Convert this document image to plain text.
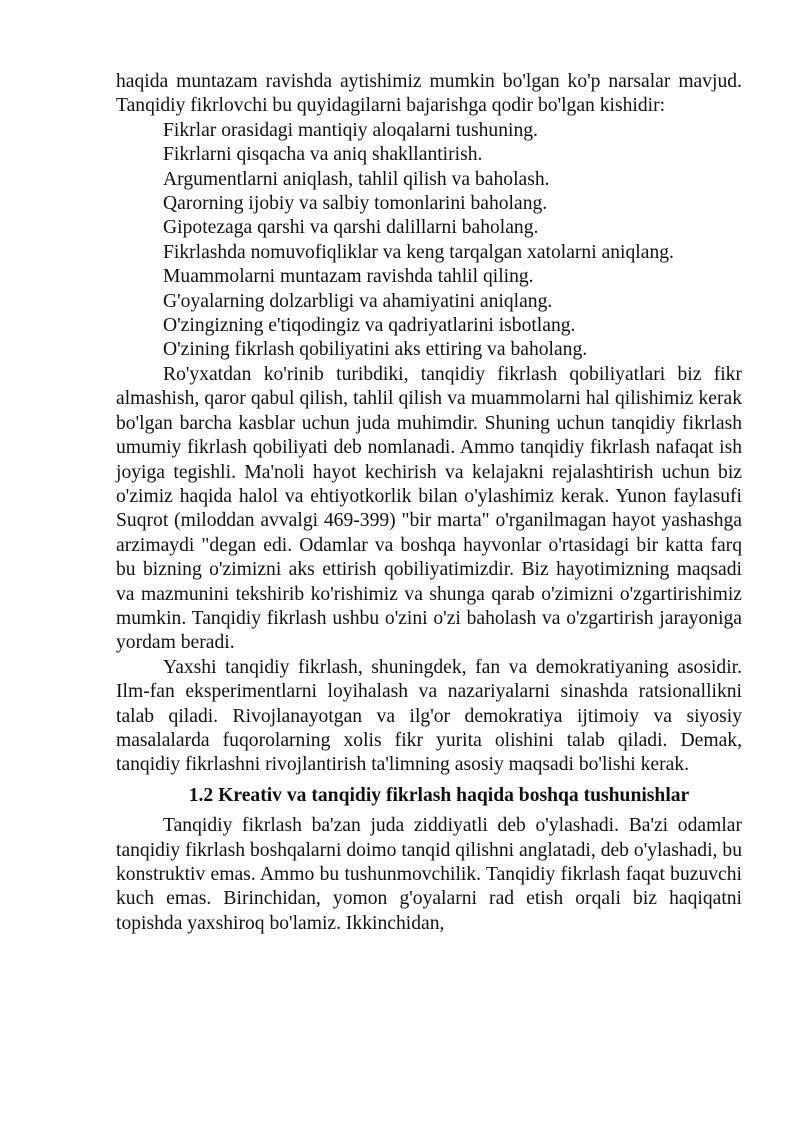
haqida muntazam ravishda aytishimiz mumkin bo'lgan ko'p narsalar mavjud. Tanqidiy fikrlovchi bu quyidagilarni bajarishga qodir bo'lgan kishidir:

Fikrlar orasidagi mantiqiy aloqalarni tushuning.
Fikrlarni qisqacha va aniq shakllantirish.
Argumentlarni aniqlash, tahlil qilish va baholash.
Qarorning ijobiy va salbiy tomonlarini baholang.
Gipotezaga qarshi va qarshi dalillarni baholang.
Fikrlashda nomuvofiqliklar va keng tarqalgan xatolarni aniqlang.
Muammolarni muntazam ravishda tahlil qiling.
G'oyalarning dolzarbligi va ahamiyatini aniqlang.
O'zingizning e'tiqodingiz va qadriyatlarini isbotlang.
O'zining fikrlash qobiliyatini aks ettiring va baholang.

Ro'yxatdan ko'rinib turibdiki, tanqidiy fikrlash qobiliyatlari biz fikr almashish, qaror qabul qilish, tahlil qilish va muammolarni hal qilishimiz kerak bo'lgan barcha kasblar uchun juda muhimdir. Shuning uchun tanqidiy fikrlash umumiy fikrlash qobiliyati deb nomlanadi. Ammo tanqidiy fikrlash nafaqat ish joyiga tegishli. Ma'noli hayot kechirish va kelajakni rejalashtirish uchun biz o'zimiz haqida halol va ehtiyotkorlik bilan o'ylashimiz kerak. Yunon faylasufi Suqrot (miloddan avvalgi 469-399) "bir marta" o'rganilmagan hayot yashashga arzimaydi "degan edi. Odamlar va boshqa hayvonlar o'rtasidagi bir katta farq bu bizning o'zimizni aks ettirish qobiliyatimizdir. Biz hayotimizning maqsadi va mazmunini tekshirib ko'rishimiz va shunga qarab o'zimizni o'zgartirishimiz mumkin. Tanqidiy fikrlash ushbu o'zini o'zi baholash va o'zgartirish jarayoniga yordam beradi.

Yaxshi tanqidiy fikrlash, shuningdek, fan va demokratiyaning asosidir. Ilm-fan eksperimentlarni loyihalash va nazariyalarni sinashda ratsionallikni talab qiladi. Rivojlanayotgan va ilg'or demokratiya ijtimoiy va siyosiy masalalarda fuqorolarning xolis fikr yurita olishini talab qiladi. Demak, tanqidiy fikrlashni rivojlantirish ta'limning asosiy maqsadi bo'lishi kerak.

1.2 Kreativ va tanqidiy fikrlash haqida boshqa tushunishlar

Tanqidiy fikrlash ba'zan juda ziddiyatli deb o'ylashadi. Ba'zi odamlar tanqidiy fikrlash boshqalarni doimo tanqid qilishni anglatadi, deb o'ylashadi, bu konstruktiv emas. Ammo bu tushunmovchilik. Tanqidiy fikrlash faqat buzuvchi kuch emas. Birinchidan, yomon g'oyalarni rad etish orqali biz haqiqatni topishda yaxshiroq bo'lamiz. Ikkinchidan,
